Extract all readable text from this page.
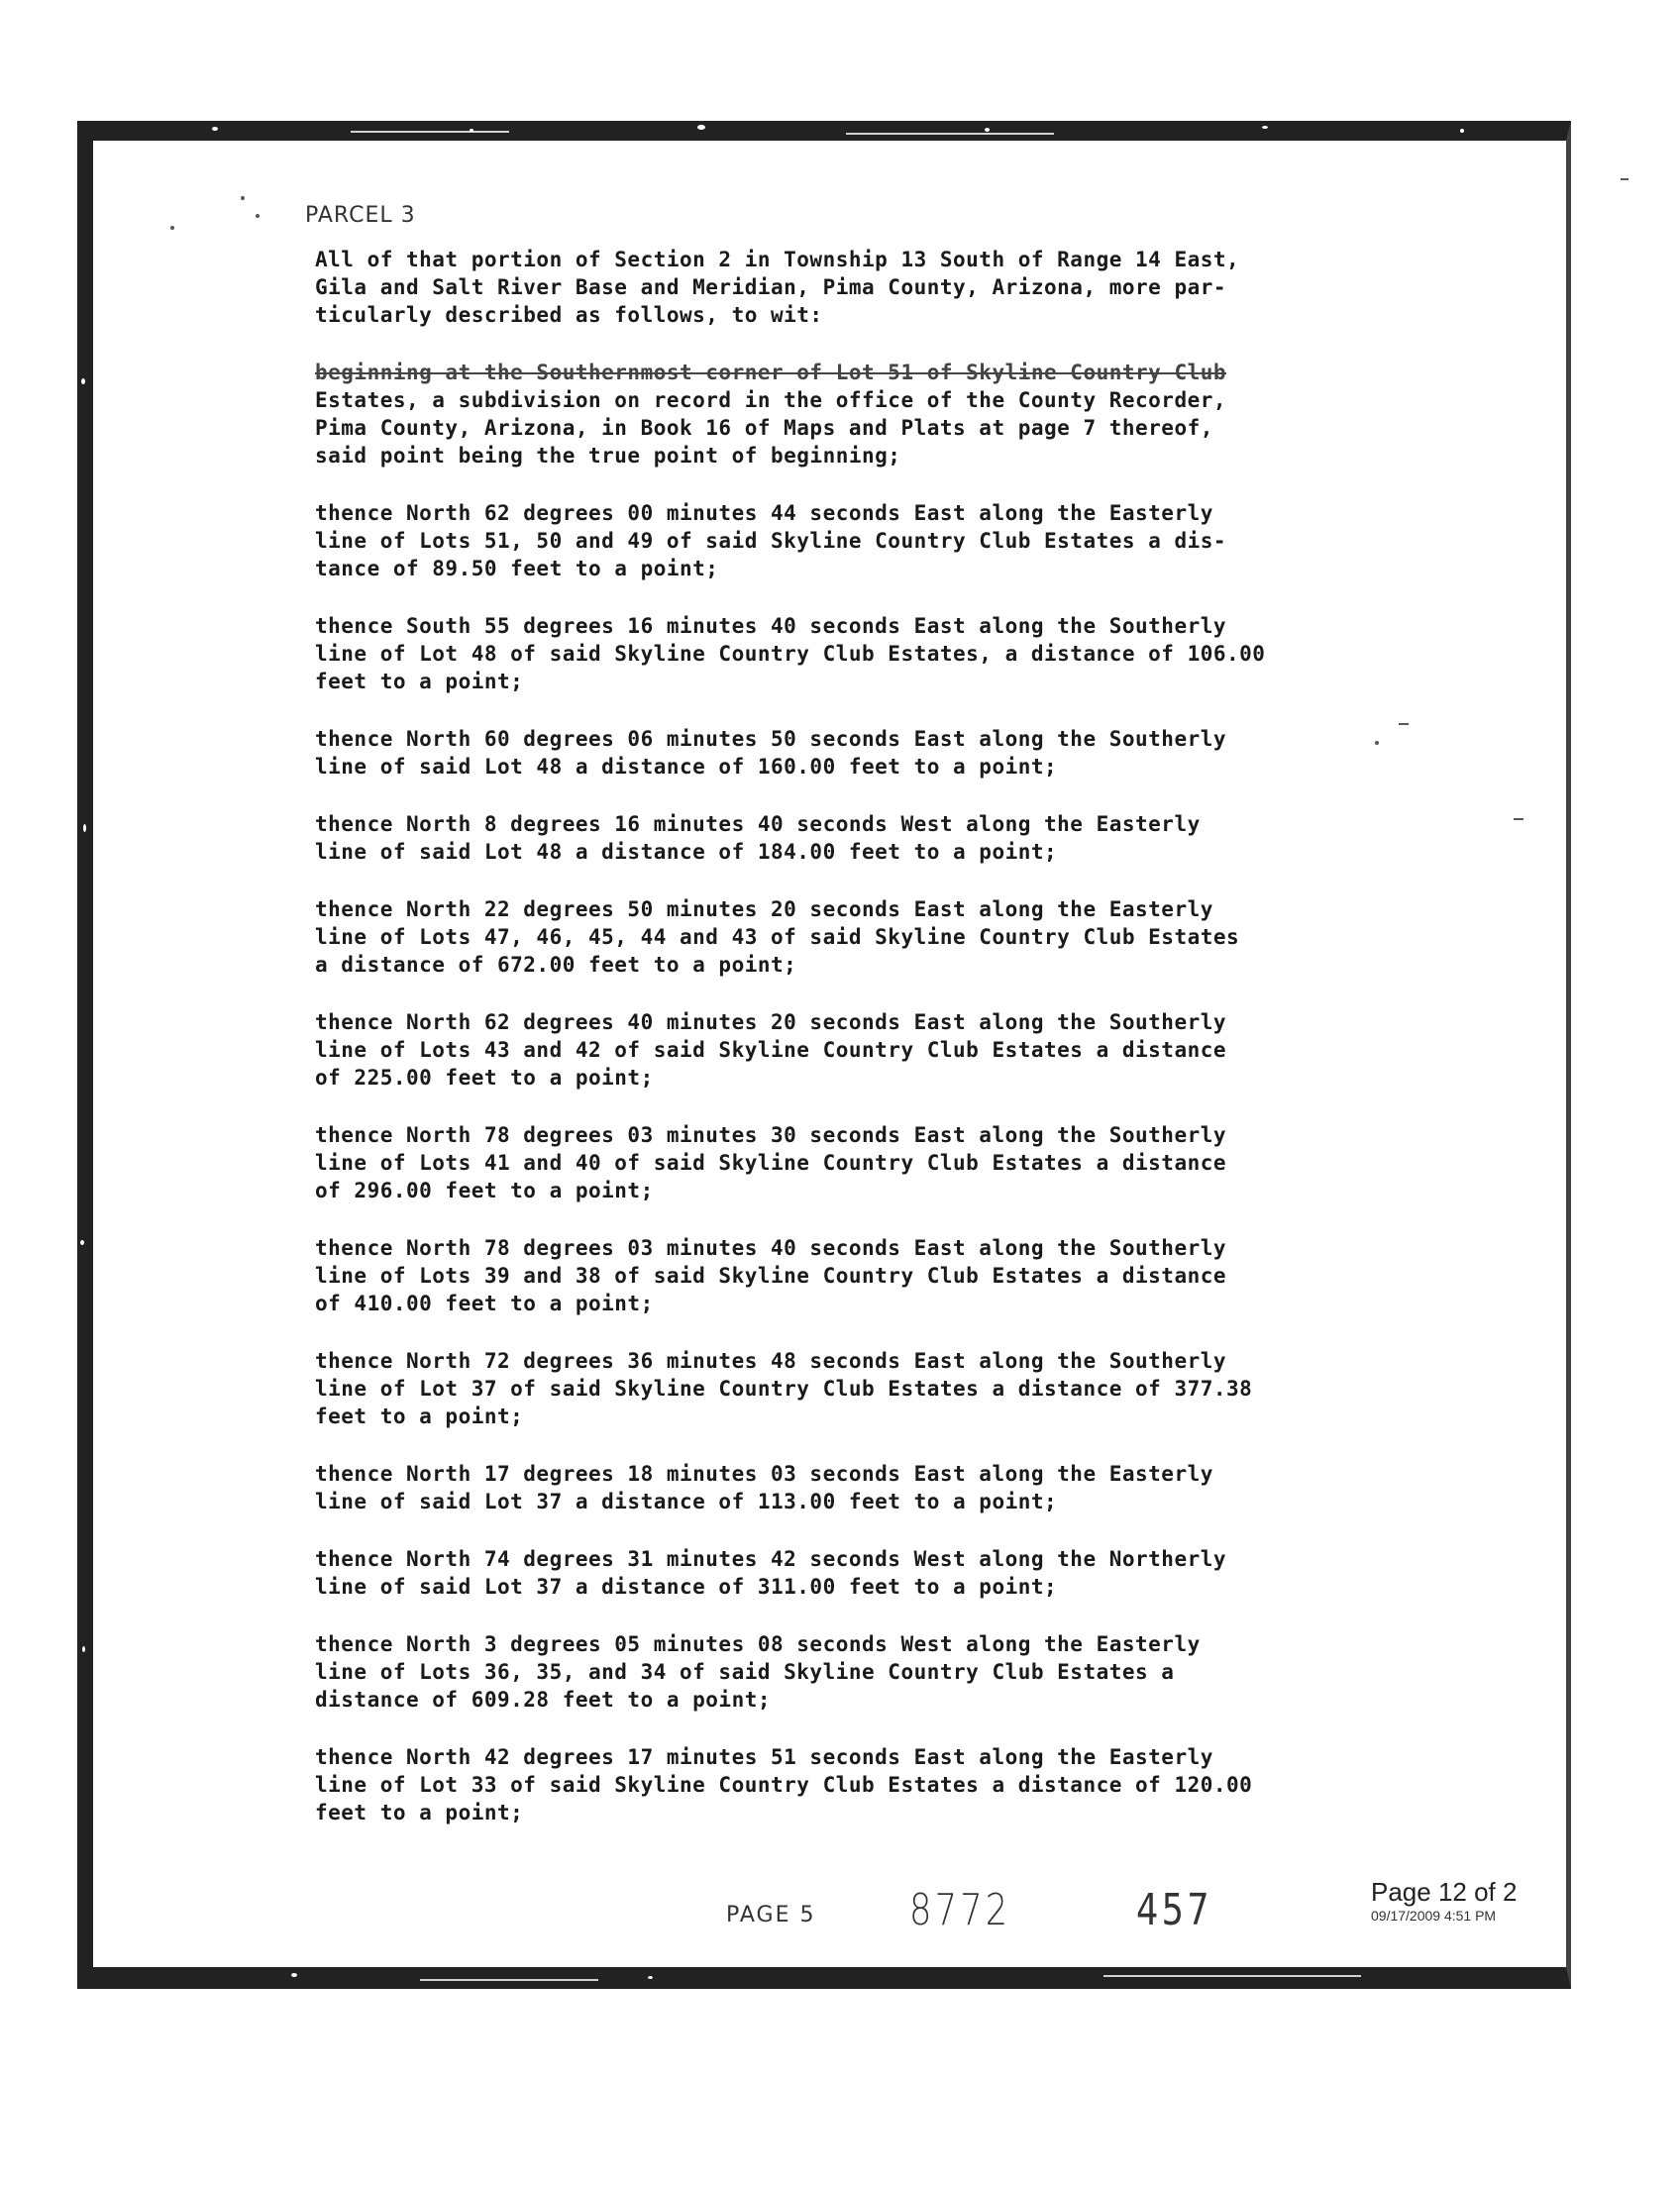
PARCEL 3

All of that portion of Section 2 in Township 13 South of Range 14 East,
Gila and Salt River Base and Meridian, Pima County, Arizona, more par-
ticularly described as follows, to wit:

beginning at the Southernmost corner of Lot 51 of Skyline Country Club

Estates, a subdivision on record in the office of the County Recorder,
Pima County, Arizona, in Book 16 of Maps and Plats at page 7 thereof,
said point being the true point of beginning;

thence North 62 degrees 00 minutes 44 seconds East along the Easterly
line of Lots 51, 50 and 49 of said Skyline Country Club Estates a dis-
tance of 89.50 feet to a point;

thence South 55 degrees 16 minutes 40 seconds East along the Southerly
line of Lot 48 of said Skyline Country Club Estates, a distance of 106.00
feet to a point;

thence North 60 degrees 06 minutes 50 seconds East along the Southerly
line of said Lot 48 a distance of 160.00 feet to a point;

thence North 8 degrees 16 minutes 40 seconds West along the Easterly
line of said Lot 48 a distance of 184.00 feet to a point;

thence North 22 degrees 50 minutes 20 seconds East along the Easterly
line of Lots 47, 46, 45, 44 and 43 of said Skyline Country Club Estates
a distance of 672.00 feet to a point;

thence North 62 degrees 40 minutes 20 seconds East along the Southerly
line of Lots 43 and 42 of said Skyline Country Club Estates a distance
of 225.00 feet to a point;

thence North 78 degrees 03 minutes 30 seconds East along the Southerly
line of Lots 41 and 40 of said Skyline Country Club Estates a distance
of 296.00 feet to a point;

thence North 78 degrees 03 minutes 40 seconds East along the Southerly
line of Lots 39 and 38 of said Skyline Country Club Estates a distance
of 410.00 feet to a point;

thence North 72 degrees 36 minutes 48 seconds East along the Southerly
line of Lot 37 of said Skyline Country Club Estates a distance of 377.38
feet to a point;

thence North 17 degrees 18 minutes 03 seconds East along the Easterly
line of said Lot 37 a distance of 113.00 feet to a point;

thence North 74 degrees 31 minutes 42 seconds West along the Northerly
line of said Lot 37 a distance of 311.00 feet to a point;

thence North 3 degrees 05 minutes 08 seconds West along the Easterly
line of Lots 36, 35, and 34 of said Skyline Country Club Estates a
distance of 609.28 feet to a point;

thence North 42 degrees 17 minutes 51 seconds East along the Easterly
line of Lot 33 of said Skyline Country Club Estates a distance of 120.00
feet to a point;

PAGE 5 8772	457	Page 12 of 2
09/17/2009 4:51 PM
